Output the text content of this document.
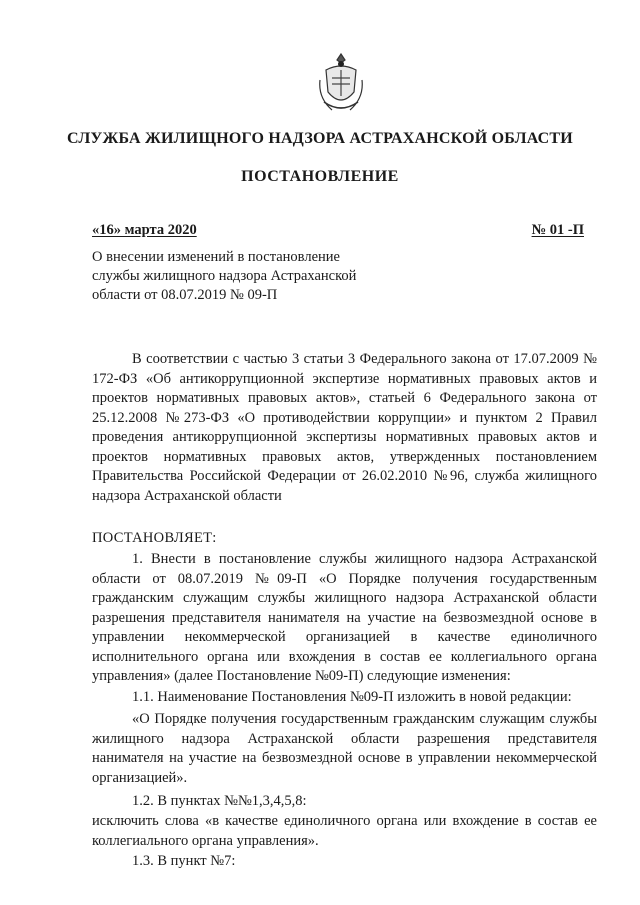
СЛУЖБА ЖИЛИЩНОГО НАДЗОРА АСТРАХАНСКОЙ ОБЛАСТИ
ПОСТАНОВЛЕНИЕ
«16» марта 2020	№ 01 -П
О внесении изменений в постановление
службы жилищного надзора Астраханской
области от 08.07.2019 № 09-П
В соответствии с частью 3 статьи 3 Федерального закона от 17.07.2009 № 172-ФЗ «Об антикоррупционной экспертизе нормативных правовых актов и проектов нормативных правовых актов», статьей 6 Федерального закона от 25.12.2008 №273-ФЗ «О противодействии коррупции» и пунктом 2 Правил проведения антикоррупционной экспертизы нормативных правовых актов и проектов нормативных правовых актов, утвержденных постановлением Правительства Российской Федерации от 26.02.2010 №96, служба жилищного надзора Астраханской области
ПОСТАНОВЛЯЕТ:
1. Внести в постановление службы жилищного надзора Астраханской области от 08.07.2019 №09-П «О Порядке получения государственным гражданским служащим службы жилищного надзора Астраханской области разрешения представителя нанимателя на участие на безвозмездной основе в управлении некоммерческой организацией в качестве единоличного исполнительного органа или вхождения в состав ее коллегиального органа управления» (далее Постановление №09-П) следующие изменения:
1.1. Наименование Постановления №09-П изложить в новой редакции:
«О Порядке получения государственным гражданским служащим службы жилищного надзора Астраханской области разрешения представителя нанимателя на участие на безвозмездной основе в управлении некоммерческой организацией».
1.2. В пунктах №№1,3,4,5,8:
исключить слова «в качестве единоличного органа или вхождение в состав ее коллегиального органа управления».
1.3. В пункт №7:
